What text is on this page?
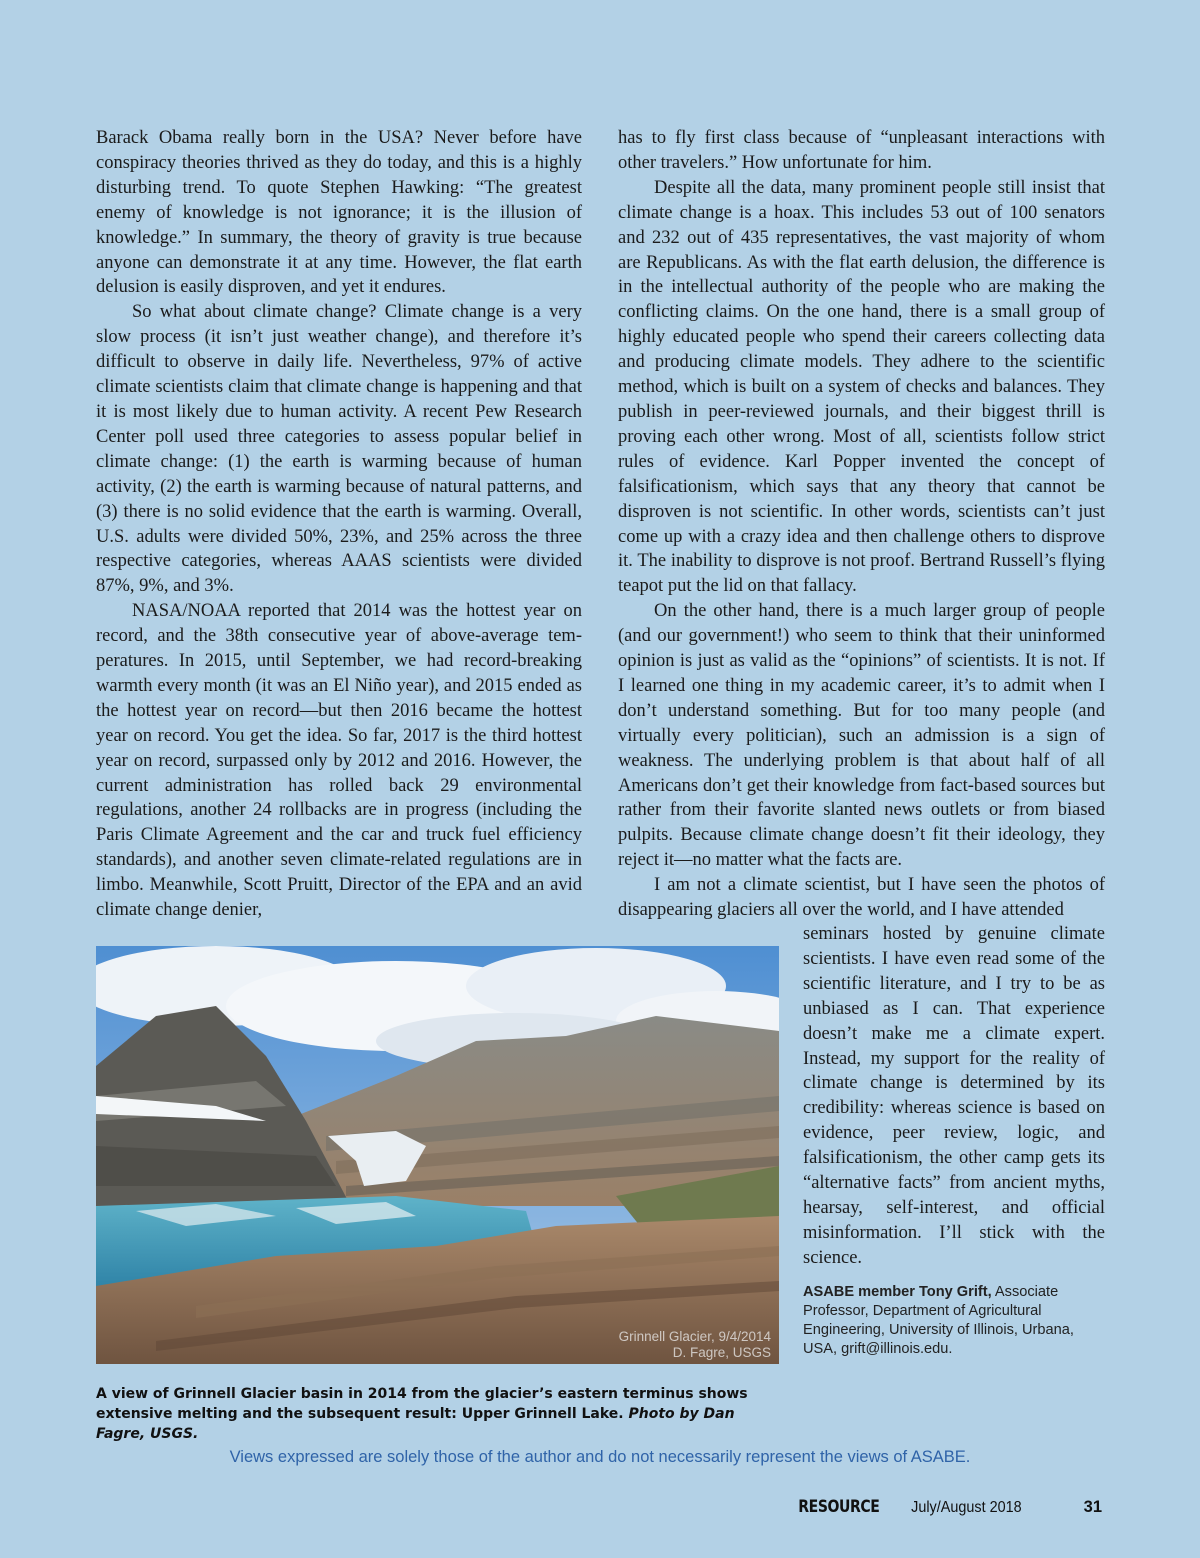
Barack Obama really born in the USA? Never before have conspiracy theories thrived as they do today, and this is a highly disturbing trend. To quote Stephen Hawking: “The greatest enemy of knowledge is not ignorance; it is the illusion of knowledge.” In summary, the theory of gravity is true because anyone can demonstrate it at any time. However, the flat earth delusion is easily disproven, and yet it endures.

So what about climate change? Climate change is a very slow process (it isn’t just weather change), and therefore it’s difficult to observe in daily life. Nevertheless, 97% of active climate scientists claim that climate change is happening and that it is most likely due to human activity. A recent Pew Research Center poll used three categories to assess popular belief in climate change: (1) the earth is warming because of human activity, (2) the earth is warming because of natural patterns, and (3) there is no solid evidence that the earth is warming. Overall, U.S. adults were divided 50%, 23%, and 25% across the three respective categories, whereas AAAS scientists were divided 87%, 9%, and 3%.

NASA/NOAA reported that 2014 was the hottest year on record, and the 38th consecutive year of above-average temperatures. In 2015, until September, we had record-breaking warmth every month (it was an El Niño year), and 2015 ended as the hottest year on record—but then 2016 became the hottest year on record. You get the idea. So far, 2017 is the third hottest year on record, surpassed only by 2012 and 2016. However, the current administration has rolled back 29 environmental regulations, another 24 rollbacks are in progress (including the Paris Climate Agreement and the car and truck fuel efficiency standards), and another seven climate-related regulations are in limbo. Meanwhile, Scott Pruitt, Director of the EPA and an avid climate change denier,

has to fly first class because of “unpleasant interactions with other travelers.” How unfortunate for him.

Despite all the data, many prominent people still insist that climate change is a hoax. This includes 53 out of 100 senators and 232 out of 435 representatives, the vast majority of whom are Republicans. As with the flat earth delusion, the difference is in the intellectual authority of the people who are making the conflicting claims. On the one hand, there is a small group of highly educated people who spend their careers collecting data and producing climate models. They adhere to the scientific method, which is built on a system of checks and balances. They publish in peer-reviewed journals, and their biggest thrill is proving each other wrong. Most of all, scientists follow strict rules of evidence. Karl Popper invented the concept of falsificationism, which says that any theory that cannot be disproven is not scientific. In other words, scientists can’t just come up with a crazy idea and then challenge others to disprove it. The inability to disprove is not proof. Bertrand Russell’s flying teapot put the lid on that fallacy.

On the other hand, there is a much larger group of people (and our government!) who seem to think that their uninformed opinion is just as valid as the “opinions” of scientists. It is not. If I learned one thing in my academic career, it’s to admit when I don’t understand something. But for too many people (and virtually every politician), such an admission is a sign of weakness. The underlying problem is that about half of all Americans don’t get their knowledge from fact-based sources but rather from their favorite slanted news outlets or from biased pulpits. Because climate change doesn’t fit their ideology, they reject it—no matter what the facts are.

I am not a climate scientist, but I have seen the photos of disappearing glaciers all over the world, and I have attended

seminars hosted by genuine climate scientists. I have even read some of the scientific literature, and I try to be as unbiased as I can. That experience doesn’t make me a climate expert. Instead, my support for the reality of climate change is determined by its credibility: whereas science is based on evidence, peer review, logic, and falsificationism, the other camp gets its “alternative facts” from ancient myths, hearsay, self-interest, and official misinformation. I’ll stick with the science.

ASABE member Tony Grift, Associate Professor, Department of Agricultural Engineering, University of Illinois, Urbana, USA, grift@illinois.edu.

Grinnell Glacier, 9/4/2014
D. Fagre, USGS
A view of Grinnell Glacier basin in 2014 from the glacier’s eastern terminus shows extensive melting and the subsequent result: Upper Grinnell Lake. Photo by Dan Fagre, USGS.
Views expressed are solely those of the author and do not necessarily represent the views of ASABE.
RESOURCE July/August 2018	31
